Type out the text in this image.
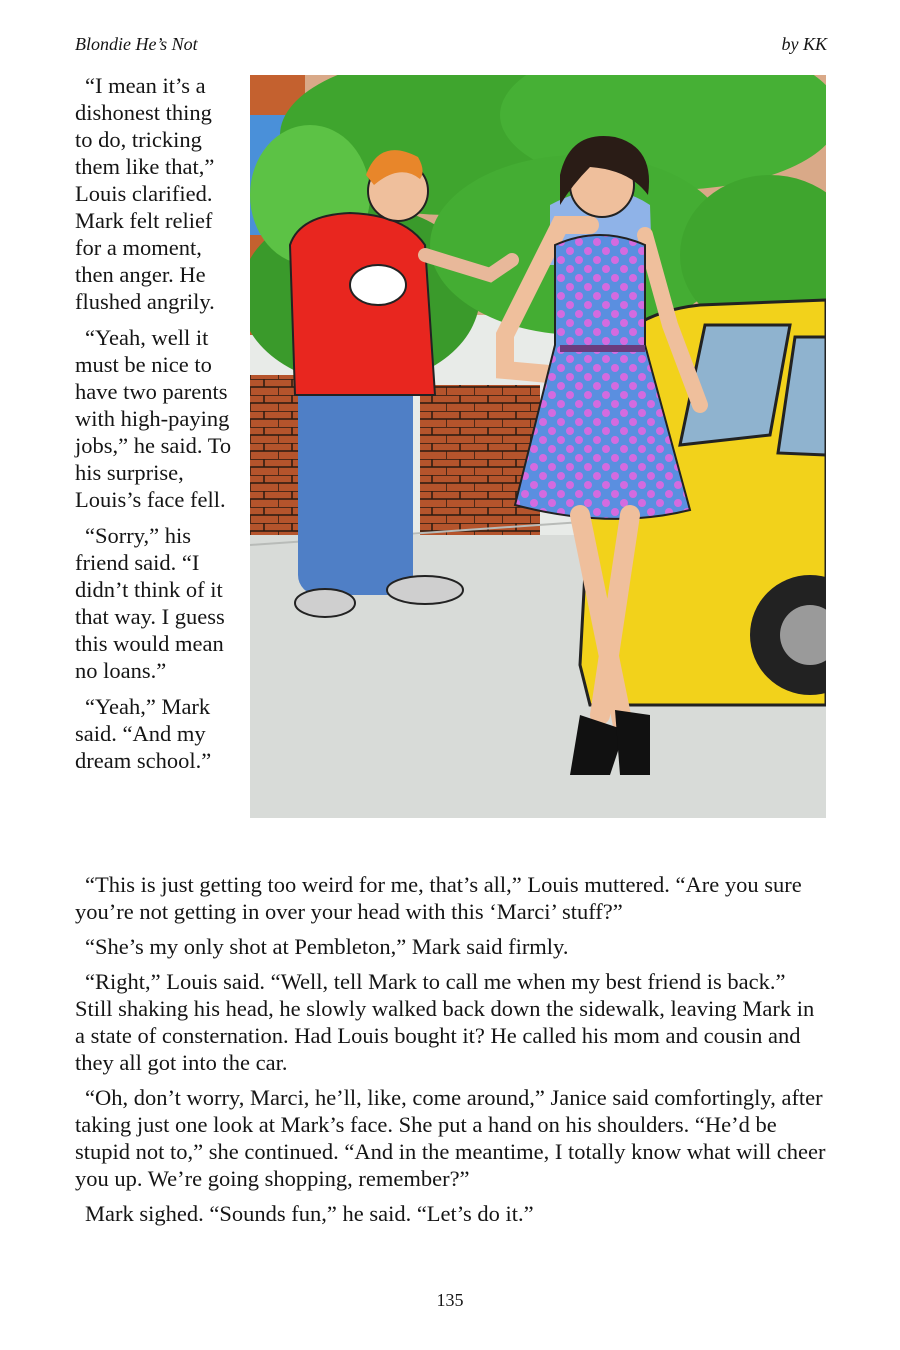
Blondie He’s Not	by KK

“I mean it’s a dishonest thing to do, tricking them like that,” Louis clarified. Mark felt relief for a moment, then anger. He flushed angrily.

“Yeah, well it must be nice to have two parents with high-paying jobs,” he said. To his surprise, Louis’s face fell.

“Sorry,” his friend said. “I didn’t think of it that way. I guess this would mean no loans.”

“Yeah,” Mark said. “And my dream school.”

“This is just getting too weird for me, that’s all,” Louis muttered. “Are you sure you’re not getting in over your head with this ‘Marci’ stuff?”

“She’s my only shot at Pembleton,” Mark said firmly.

“Right,” Louis said. “Well, tell Mark to call me when my best friend is back.” Still shaking his head, he slowly walked back down the sidewalk, leaving Mark in a state of consternation. Had Louis bought it? He called his mom and cousin and they all got into the car.

“Oh, don’t worry, Marci, he’ll, like, come around,” Janice said comfortingly, after taking just one look at Mark’s face. She put a hand on his shoulders. “He’d be stupid not to,” she continued. “And in the meantime, I totally know what will cheer you up. We’re going shopping, remember?”

Mark sighed. “Sounds fun,” he said. “Let’s do it.”

135
